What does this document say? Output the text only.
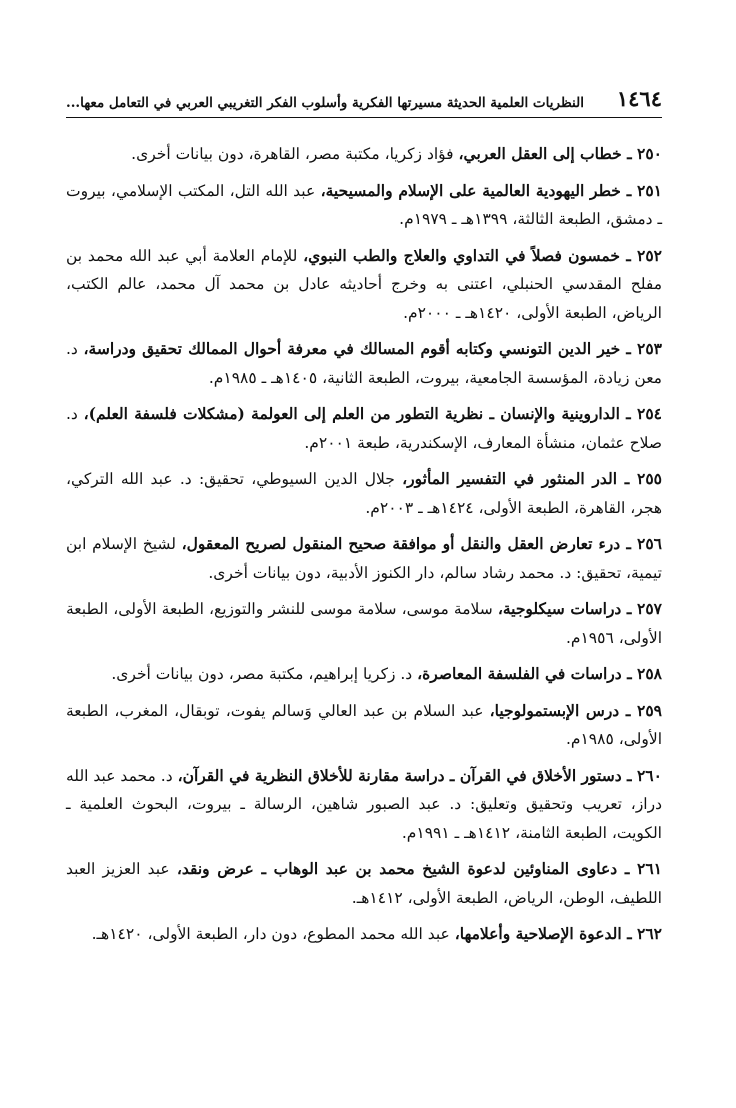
١٤٦٤
النظريات العلمية الحديثة مسيرتها الفكرية وأسلوب الفكر التغريبي العربي في التعامل معها...
٢٥٠ ـ خطاب إلى العقل العربي، فؤاد زكريا، مكتبة مصر، القاهرة، دون بيانات أخرى.
٢٥١ ـ خطر اليهودية العالمية على الإسلام والمسيحية، عبد الله التل، المكتب الإسلامي، بيروت ـ دمشق، الطبعة الثالثة، ١٣٩٩هـ ـ ١٩٧٩م.
٢٥٢ ـ خمسون فصلاً في التداوي والعلاج والطب النبوي، للإمام العلامة أبي عبد الله محمد بن مفلح المقدسي الحنبلي، اعتنى به وخرج أحاديثه عادل بن محمد آل محمد، عالم الكتب، الرياض، الطبعة الأولى، ١٤٢٠هـ ـ ٢٠٠٠م.
٢٥٣ ـ خير الدين التونسي وكتابه أقوم المسالك في معرفة أحوال الممالك تحقيق ودراسة، د. معن زيادة، المؤسسة الجامعية، بيروت، الطبعة الثانية، ١٤٠٥هـ ـ ١٩٨٥م.
٢٥٤ ـ الداروينية والإنسان ـ نظرية التطور من العلم إلى العولمة (مشكلات فلسفة العلم)، د. صلاح عثمان، منشأة المعارف، الإسكندرية، طبعة ٢٠٠١م.
٢٥٥ ـ الدر المنثور في التفسير المأثور، جلال الدين السيوطي، تحقيق: د. عبد الله التركي، هجر، القاهرة، الطبعة الأولى، ١٤٢٤هـ ـ ٢٠٠٣م.
٢٥٦ ـ درء تعارض العقل والنقل أو موافقة صحيح المنقول لصريح المعقول، لشيخ الإسلام ابن تيمية، تحقيق: د. محمد رشاد سالم، دار الكنوز الأدبية، دون بيانات أخرى.
٢٥٧ ـ دراسات سيكلوجية، سلامة موسى، سلامة موسى للنشر والتوزيع، الطبعة الأولى، الطبعة الأولى، ١٩٥٦م.
٢٥٨ ـ دراسات في الفلسفة المعاصرة، د. زكريا إبراهيم، مكتبة مصر، دون بيانات أخرى.
٢٥٩ ـ درس الإبستمولوجيا، عبد السلام بن عبد العالي وَسالم يفوت، توبقال، المغرب، الطبعة الأولى، ١٩٨٥م.
٢٦٠ ـ دستور الأخلاق في القرآن ـ دراسة مقارنة للأخلاق النظرية في القرآن، د. محمد عبد الله دراز، تعريب وتحقيق وتعليق: د. عبد الصبور شاهين، الرسالة ـ بيروت، البحوث العلمية ـ الكويت، الطبعة الثامنة، ١٤١٢هـ ـ ١٩٩١م.
٢٦١ ـ دعاوى المناوئين لدعوة الشيخ محمد بن عبد الوهاب ـ عرض ونقد، عبد العزيز العبد اللطيف، الوطن، الرياض، الطبعة الأولى، ١٤١٢هـ.
٢٦٢ ـ الدعوة الإصلاحية وأعلامها، عبد الله محمد المطوع، دون دار، الطبعة الأولى، ١٤٢٠هـ.
